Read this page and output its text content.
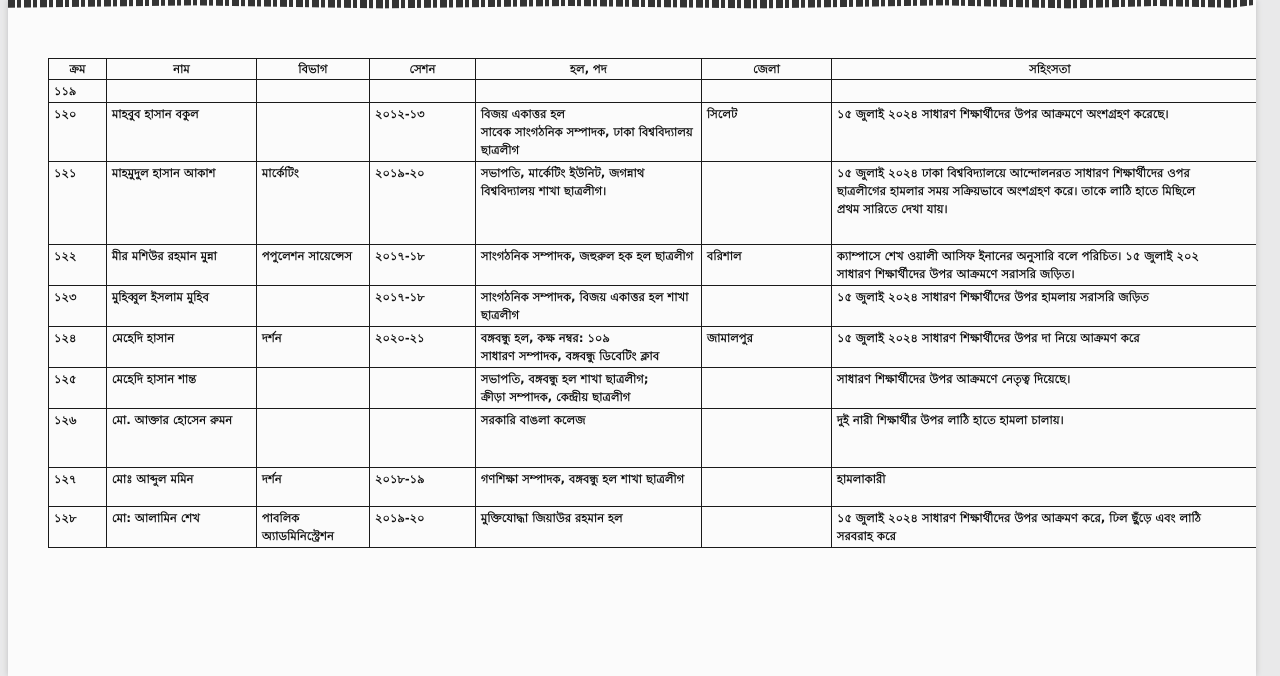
ক্রম	নাম	বিভাগ	সেশন	হল, পদ	জেলা	সহিংসতা
১১৯						
১২০	মাহবুব হাসান বকুল		২০১২-১৩	বিজয় একাত্তর হল
সাবেক সাংগঠনিক সম্পাদক, ঢাকা বিশ্ববিদ্যালয় ছাত্রলীগ	সিলেট	১৫ জুলাই ২০২৪ সাধারণ শিক্ষার্থীদের উপর আক্রমণে অংশগ্রহণ করেছে।
১২১	মাহমুদুল হাসান আকাশ	মার্কেটিং	২০১৯-২০	সভাপতি, মার্কেটিং ইউনিট, জগন্নাথ বিশ্ববিদ্যালয় শাখা ছাত্রলীগ।		১৫ জুলাই ২০২৪ ঢাকা বিশ্ববিদ্যালয়ে আন্দোলনরত সাধারণ শিক্ষার্থীদের ওপর
ছাত্রলীগের হামলার সময় সক্রিয়ভাবে অংশগ্রহণ করে। তাকে লাঠি হাতে মিছিলে
প্রথম সারিতে দেখা যায়।
১২২	মীর মশিউর রহমান মুন্না	পপুলেশন সায়েন্সেস	২০১৭-১৮	সাংগঠনিক সম্পাদক, জহুরুল হক হল ছাত্রলীগ	বরিশাল	ক্যাম্পাসে শেখ ওয়ালী আসিফ ইনানের অনুসারি বলে পরিচিত। ১৫ জুলাই ২০২
সাধারণ শিক্ষার্থীদের উপর আক্রমণে সরাসরি জড়িত।
১২৩	মুহিব্বুল ইসলাম মুহিব		২০১৭-১৮	সাংগঠনিক সম্পাদক, বিজয় একাত্তর হল শাখা ছাত্রলীগ		১৫ জুলাই ২০২৪ সাধারণ শিক্ষার্থীদের উপর হামলায় সরাসরি জড়িত
১২৪	মেহেদি হাসান	দর্শন	২০২০-২১	বঙ্গবন্ধু হল, কক্ষ নম্বর: ১০৯
সাধারণ সম্পাদক, বঙ্গবন্ধু ডিবেটিং ক্লাব	জামালপুর	১৫ জুলাই ২০২৪ সাধারণ শিক্ষার্থীদের উপর দা নিয়ে আক্রমণ করে
১২৫	মেহেদি হাসান শান্ত			সভাপতি, বঙ্গবন্ধু হল শাখা ছাত্রলীগ;
ক্রীড়া সম্পাদক, কেন্দ্রীয় ছাত্রলীগ		সাধারণ শিক্ষার্থীদের উপর আক্রমণে নেতৃত্ব দিয়েছে।
১২৬	মো. আক্তার হোসেন রুমন			সরকারি বাঙলা কলেজ		দুই নারী শিক্ষার্থীর উপর লাঠি হাতে হামলা চালায়।
১২৭	মোঃ আব্দুল মমিন	দর্শন	২০১৮-১৯	গণশিক্ষা সম্পাদক, বঙ্গবন্ধু হল শাখা ছাত্রলীগ		হামলাকারী
১২৮	মো: আলামিন শেখ	পাবলিক অ্যাডমিনিস্ট্রেশন	২০১৯-২০	মুক্তিযোদ্ধা জিয়াউর রহমান হল		১৫ জুলাই ২০২৪ সাধারণ শিক্ষার্থীদের উপর আক্রমণ করে, ঢিল ছুঁড়ে এবং লাঠি
সরবরাহ করে
